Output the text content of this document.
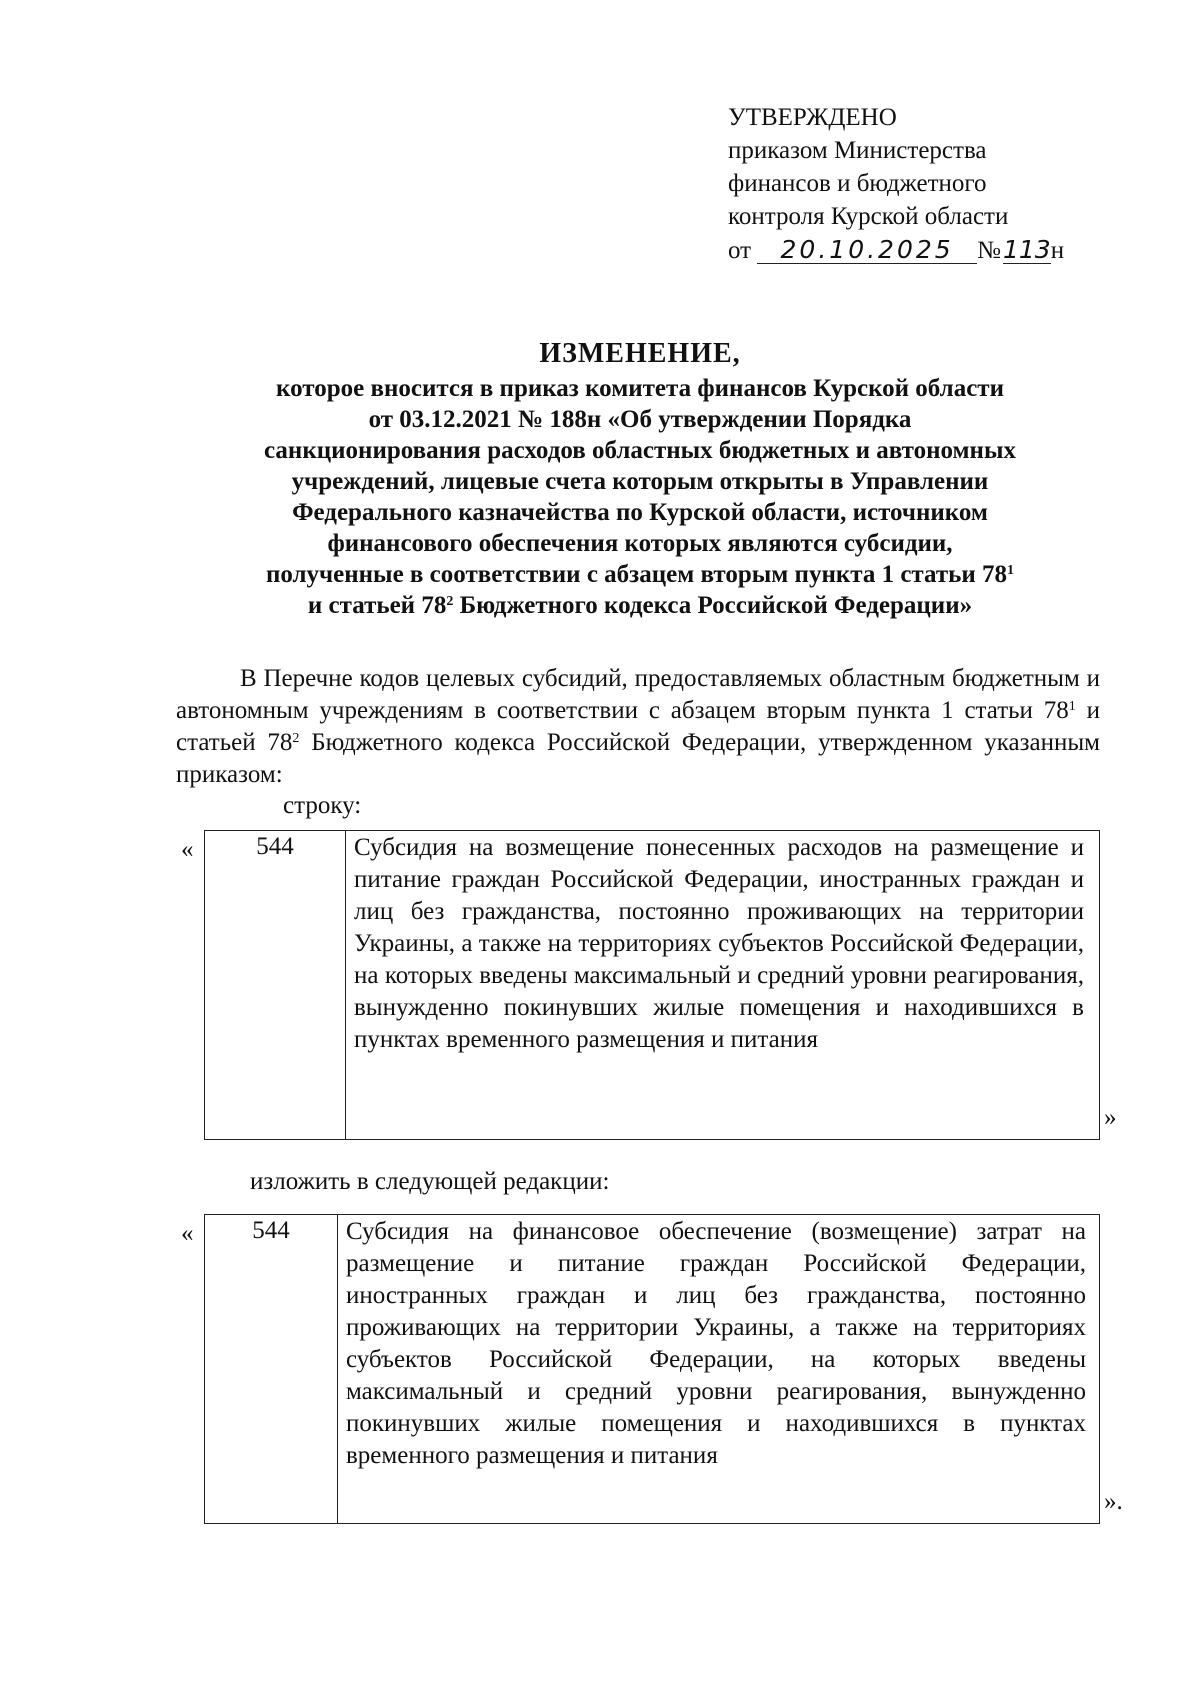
УТВЕРЖДЕНО
приказом Министерства
финансов и бюджетного
контроля Курской области
от 20.10.2025 №113н
ИЗМЕНЕНИЕ,
которое вносится в приказ комитета финансов Курской области
от 03.12.2021 № 188н «Об утверждении Порядка
санкционирования расходов областных бюджетных и автономных
учреждений, лицевые счета которым открыты в Управлении
Федерального казначейства по Курской области, источником
финансового обеспечения которых являются субсидии,
полученные в соответствии с абзацем вторым пункта 1 статьи $78^1$
и статьей $78^2$ Бюджетного кодекса Российской Федерации»
В Перечне кодов целевых субсидий, предоставляемых областным бюджетным и автономным учреждениям в соответствии с абзацем вторым пункта 1 статьи $78^1$ и статьей $78^2$ Бюджетного кодекса Российской Федерации, утвержденном указанным приказом:
строку:
«	544	Субсидия на возмещение понесенных расходов на размещение и питание граждан Российской Федерации, иностранных граждан и лиц без гражданства, постоянно проживающих на территории Украины, а также на территориях субъектов Российской Федерации, на которых введены максимальный и средний уровни реагирования, вынужденно покинувших жилые помещения и находившихся в пунктах временного размещения и питания
»
изложить в следующей редакции:
«	544	Субсидия на финансовое обеспечение (возмещение) затрат на размещение и питание граждан Российской Федерации, иностранных граждан и лиц без гражданства, постоянно проживающих на территории Украины, а также на территориях субъектов Российской Федерации, на которых введены максимальный и средний уровни реагирования, вынужденно покинувших жилые помещения и находившихся в пунктах временного размещения и питания
».
